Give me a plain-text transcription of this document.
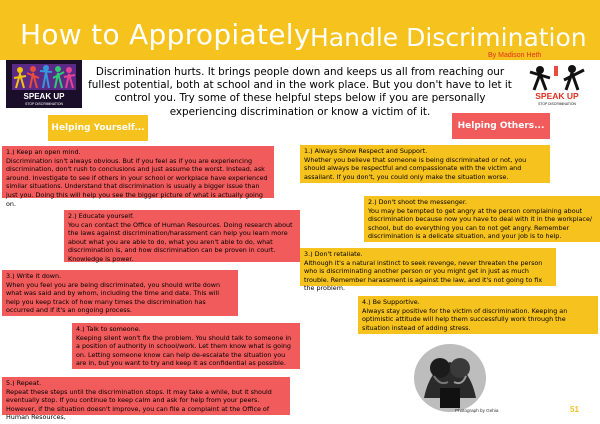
How to Appropiately Handle Discrimination
By Madison Heth
SPEAK UP
STOP DISCRIMINATION
SPEAK UP
STOP DISCRIMINATION
Discrimination hurts. It brings people down and keeps us all from reaching our fullest potential, both at school and in the work place. But you don't have to let it control you. Try some of these helpful steps below if you are personally experiencing discrimination or know a victim of it.
Helping Yourself...	Helping Others...
1.) Keep an open mind.
Discrimination isn't always obvious. But if you feel as if you are experiencing discrimination, don't rush to conclusions and just assume the worst. Instead, ask around. Investigate to see if others in your school or workplace have experienced similar situations. Understand that discrimination is usually a bigger issue than just you. Doing this will help you see the bigger picture of what is actually going on.
2.) Educate yourself.
You can contact the Office of Human Resources. Doing research about the laws against discrimination/harassment can help you learn more about what you are able to do, what you aren't able to do, what discrimination is, and how discrimination can be proven in court. Knowledge is power.
3.) Write it down.
When you feel you are being discriminated, you should write down what was said and by whom, including the time and date. This will help you keep track of how many times the discrimination has occurred and if it's an ongoing process.
4.) Talk to someone.
Keeping silent won't fix the problem. You should talk to someone in a position of authority in school/work. Let them know what is going on. Letting someone know can help de-escalate the situation you are in, but you want to try and keep it as confidential as possible.
5.) Repeat.
Repeat these steps until the discrimination stops. It may take a while, but it should eventually stop. If you continue to keep calm and ask for help from your peers. However, if the situation doesn't improve, you can file a complaint at the Office of Human Resources,
1.) Always Show Respect and Support.
Whether you believe that someone is being discriminated or not, you should always be respectful and compassionate with the victim and assailant. If you don't, you could only make the situation worse.
2.) Don't shoot the messenger.
You may be tempted to get angry at the person complaining about discrimination because now you have to deal with it in the workplace/ school, but do everything you can to not get angry. Remember discrimination is a delicate situation, and your job is to help.
3.) Don't retaliate.
Although it's a natural instinct to seek revenge, never threaten the person who is discriminating another person or you might get in just as much trouble. Remember harassment is against the law, and it's not going to fix the problem.
4.) Be Supportive.
Always stay positive for the victim of discrimination. Keeping an optimistic attitude will help them successfully work through the situation instead of adding stress.
Photograph by Gehia	51
